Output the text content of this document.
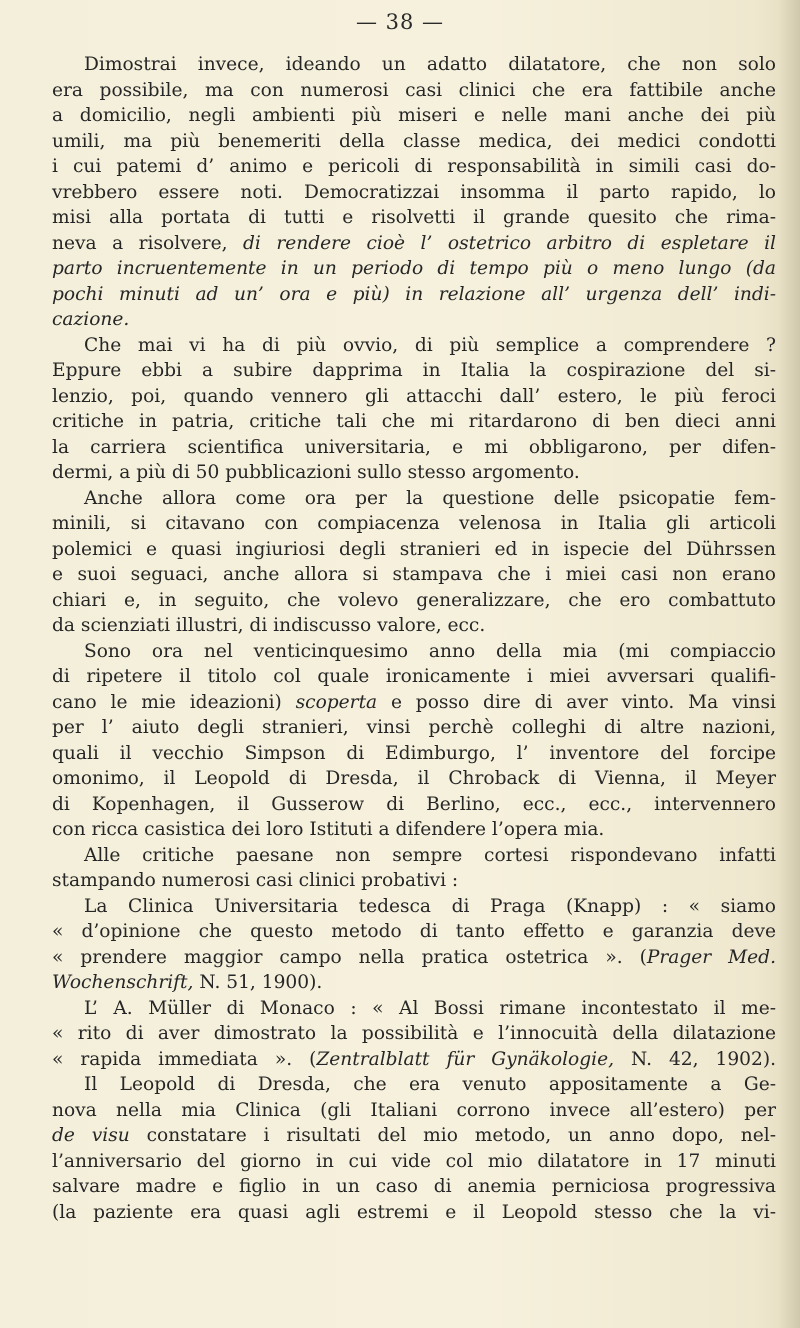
— 38 —
Dimostrai invece, ideando un adatto dilatatore, che non solo
era possibile, ma con numerosi casi clinici che era fattibile anche
a domicilio, negli ambienti più miseri e nelle mani anche dei più
umili, ma più benemeriti della classe medica, dei medici condotti
i cui patemi d’ animo e pericoli di responsabilità in simili casi do-
vrebbero essere noti. Democratizzai insomma il parto rapido, lo
misi alla portata di tutti e risolvetti il grande quesito che rima-
neva a risolvere, di rendere cioè l’ ostetrico arbitro di espletare il
parto incruentemente in un periodo di tempo più o meno lungo (da
pochi minuti ad un’ ora e più) in relazione all’ urgenza dell’ indi-
cazione.
Che mai vi ha di più ovvio, di più semplice a comprendere ?
Eppure ebbi a subire dapprima in Italia la cospirazione del si-
lenzio, poi, quando vennero gli attacchi dall’ estero, le più feroci
critiche in patria, critiche tali che mi ritardarono di ben dieci anni
la carriera scientifica universitaria, e mi obbligarono, per difen-
dermi, a più di 50 pubblicazioni sullo stesso argomento.
Anche allora come ora per la questione delle psicopatie fem-
minili, si citavano con compiacenza velenosa in Italia gli articoli
polemici e quasi ingiuriosi degli stranieri ed in ispecie del Dührssen
e suoi seguaci, anche allora si stampava che i miei casi non erano
chiari e, in seguito, che volevo generalizzare, che ero combattuto
da scienziati illustri, di indiscusso valore, ecc.
Sono ora nel venticinquesimo anno della mia (mi compiaccio
di ripetere il titolo col quale ironicamente i miei avversari qualifi-
cano le mie ideazioni) scoperta e posso dire di aver vinto. Ma vinsi
per l’ aiuto degli stranieri, vinsi perchè colleghi di altre nazioni,
quali il vecchio Simpson di Edimburgo, l’ inventore del forcipe
omonimo, il Leopold di Dresda, il Chroback di Vienna, il Meyer
di Kopenhagen, il Gusserow di Berlino, ecc., ecc., intervennero
con ricca casistica dei loro Istituti a difendere l’opera mia.
Alle critiche paesane non sempre cortesi rispondevano infatti
stampando numerosi casi clinici probativi :
La Clinica Universitaria tedesca di Praga (Knapp) : « siamo
« d’opinione che questo metodo di tanto effetto e garanzia deve
« prendere maggior campo nella pratica ostetrica ». (Prager Med.
Wochenschrift, N. 51, 1900).
L’ A. Müller di Monaco : « Al Bossi rimane incontestato il me-
« rito di aver dimostrato la possibilità e l’innocuità della dilatazione
« rapida immediata ». (Zentralblatt für Gynäkologie, N. 42, 1902).
Il Leopold di Dresda, che era venuto appositamente a Ge-
nova nella mia Clinica (gli Italiani corrono invece all’estero) per
de visu constatare i risultati del mio metodo, un anno dopo, nel-
l’anniversario del giorno in cui vide col mio dilatatore in 17 minuti
salvare madre e figlio in un caso di anemia perniciosa progressiva
(la paziente era quasi agli estremi e il Leopold stesso che la vi-
